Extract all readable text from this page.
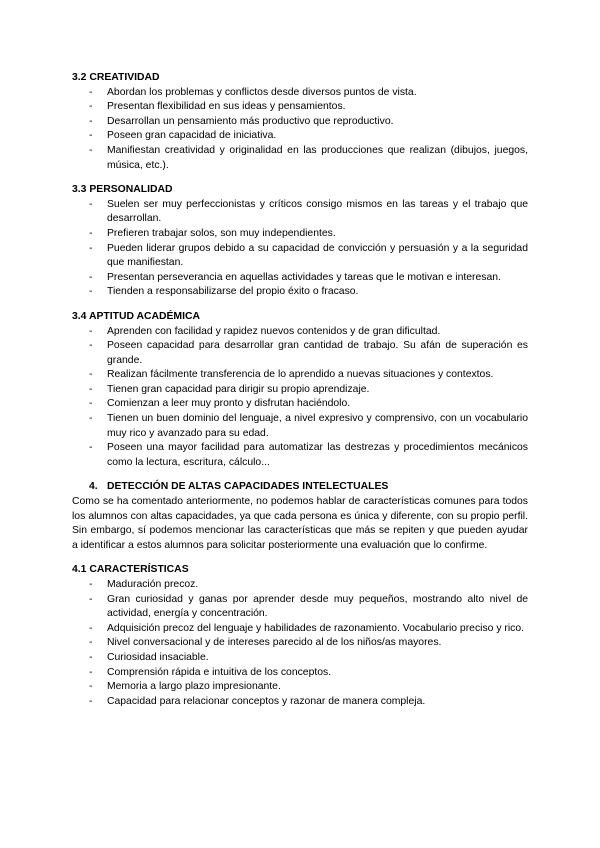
3.2 CREATIVIDAD

- Abordan los problemas y conflictos desde diversos puntos de vista.
- Presentan flexibilidad en sus ideas y pensamientos.
- Desarrollan un pensamiento más productivo que reproductivo.
- Poseen gran capacidad de iniciativa.
- Manifiestan creatividad y originalidad en las producciones que realizan (dibujos, juegos, música, etc.).

3.3 PERSONALIDAD

- Suelen ser muy perfeccionistas y críticos consigo mismos en las tareas y el trabajo que desarrollan.
- Prefieren trabajar solos, son muy independientes.
- Pueden liderar grupos debido a su capacidad de convicción y persuasión y a la seguridad que manifiestan.
- Presentan perseverancia en aquellas actividades y tareas que le motivan e interesan.
- Tienden a responsabilizarse del propio éxito o fracaso.

3.4 APTITUD ACADÉMICA

- Aprenden con facilidad y rapidez nuevos contenidos y de gran dificultad.
- Poseen capacidad para desarrollar gran cantidad de trabajo. Su afán de superación es grande.
- Realizan fácilmente transferencia de lo aprendido a nuevas situaciones y contextos.
- Tienen gran capacidad para dirigir su propio aprendizaje.
- Comienzan a leer muy pronto y disfrutan haciéndolo.
- Tienen un buen dominio del lenguaje, a nivel expresivo y comprensivo, con un vocabulario muy rico y avanzado para su edad.
- Poseen una mayor facilidad para automatizar las destrezas y procedimientos mecánicos como la lectura, escritura, cálculo...

4. DETECCIÓN DE ALTAS CAPACIDADES INTELECTUALES

Como se ha comentado anteriormente, no podemos hablar de características comunes para todos los alumnos con altas capacidades, ya que cada persona es única y diferente, con su propio perfil. Sin embargo, sí podemos mencionar las características que más se repiten y que pueden ayudar a identificar a estos alumnos para solicitar posteriormente una evaluación que lo confirme.

4.1 CARACTERÍSTICAS

- Maduración precoz.
- Gran curiosidad y ganas por aprender desde muy pequeños, mostrando alto nivel de actividad, energía y concentración.
- Adquisición precoz del lenguaje y habilidades de razonamiento. Vocabulario preciso y rico.
- Nivel conversacional y de intereses parecido al de los niños/as mayores.
- Curiosidad insaciable.
- Comprensión rápida e intuitiva de los conceptos.
- Memoria a largo plazo impresionante.
- Capacidad para relacionar conceptos y razonar de manera compleja.
